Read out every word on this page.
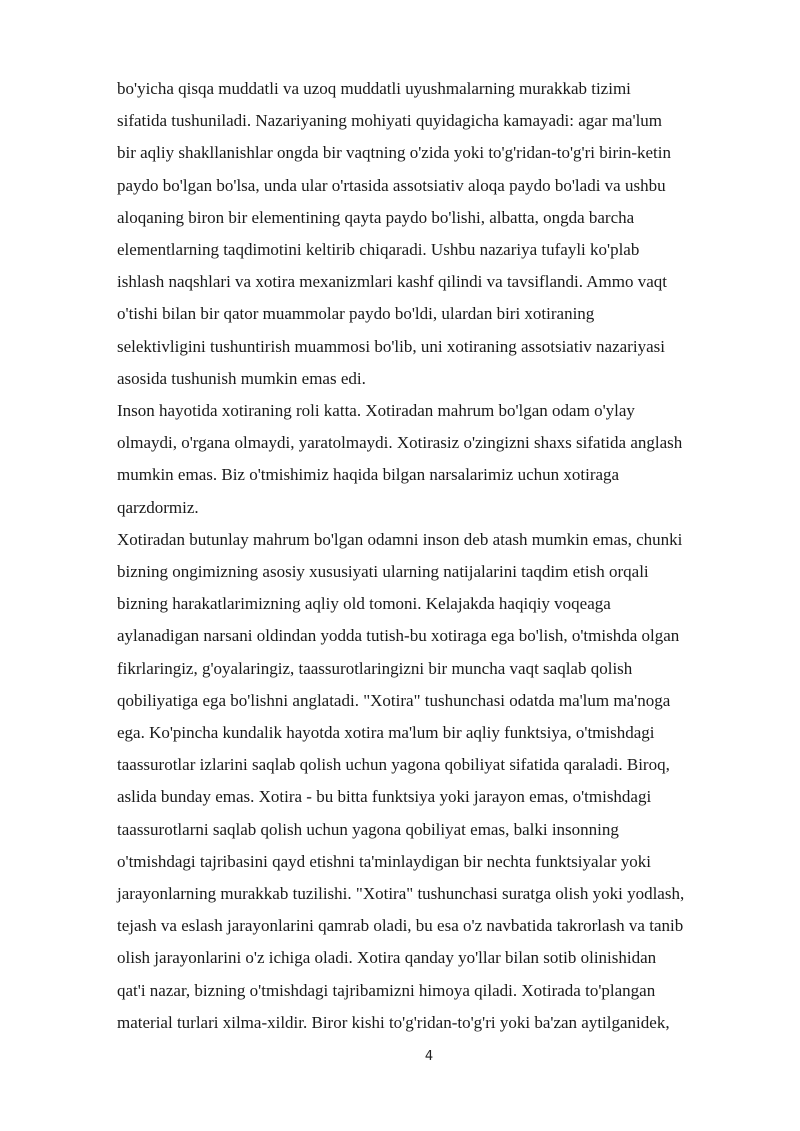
bo'yicha qisqa muddatli va uzoq muddatli uyushmalarning murakkab tizimi
sifatida tushuniladi. Nazariyaning mohiyati quyidagicha kamayadi: agar ma'lum
bir aqliy shakllanishlar ongda bir vaqtning o'zida yoki to'g'ridan-to'g'ri birin-ketin
paydo bo'lgan bo'lsa, unda ular o'rtasida assotsiativ aloqa paydo bo'ladi va ushbu
aloqaning biron bir elementining qayta paydo bo'lishi, albatta, ongda barcha
elementlarning taqdimotini keltirib chiqaradi. Ushbu nazariya tufayli ko'plab
ishlash naqshlari va xotira mexanizmlari kashf qilindi va tavsiflandi. Ammo vaqt
o'tishi bilan bir qator muammolar paydo bo'ldi, ulardan biri xotiraning
selektivligini tushuntirish muammosi bo'lib, uni xotiraning assotsiativ nazariyasi
asosida tushunish mumkin emas edi.
Inson hayotida xotiraning roli katta. Xotiradan mahrum bo'lgan odam o'ylay
olmaydi, o'rgana olmaydi, yaratolmaydi. Xotirasiz o'zingizni shaxs sifatida anglash
mumkin emas. Biz o'tmishimiz haqida bilgan narsalarimiz uchun xotiraga
qarzdormiz.
Xotiradan butunlay mahrum bo'lgan odamni inson deb atash mumkin emas, chunki
bizning ongimizning asosiy xususiyati ularning natijalarini taqdim etish orqali
bizning harakatlarimizning aqliy old tomoni. Kelajakda haqiqiy voqeaga
aylanadigan narsani oldindan yodda tutish-bu xotiraga ega bo'lish, o'tmishda olgan
fikrlaringiz, g'oyalaringiz, taassurotlaringizni bir muncha vaqt saqlab qolish
qobiliyatiga ega bo'lishni anglatadi. "Xotira" tushunchasi odatda ma'lum ma'noga
ega. Ko'pincha kundalik hayotda xotira ma'lum bir aqliy funktsiya, o'tmishdagi
taassurotlar izlarini saqlab qolish uchun yagona qobiliyat sifatida qaraladi. Biroq,
aslida bunday emas. Xotira - bu bitta funktsiya yoki jarayon emas, o'tmishdagi
taassurotlarni saqlab qolish uchun yagona qobiliyat emas, balki insonning
o'tmishdagi tajribasini qayd etishni ta'minlaydigan bir nechta funktsiyalar yoki
jarayonlarning murakkab tuzilishi. "Xotira" tushunchasi suratga olish yoki yodlash,
tejash va eslash jarayonlarini qamrab oladi, bu esa o'z navbatida takrorlash va tanib
olish jarayonlarini o'z ichiga oladi. Xotira qanday yo'llar bilan sotib olinishidan
qat'i nazar, bizning o'tmishdagi tajribamizni himoya qiladi. Xotirada to'plangan
material turlari xilma-xildir. Biror kishi to'g'ridan-to'g'ri yoki ba'zan aytilganidek,
4
